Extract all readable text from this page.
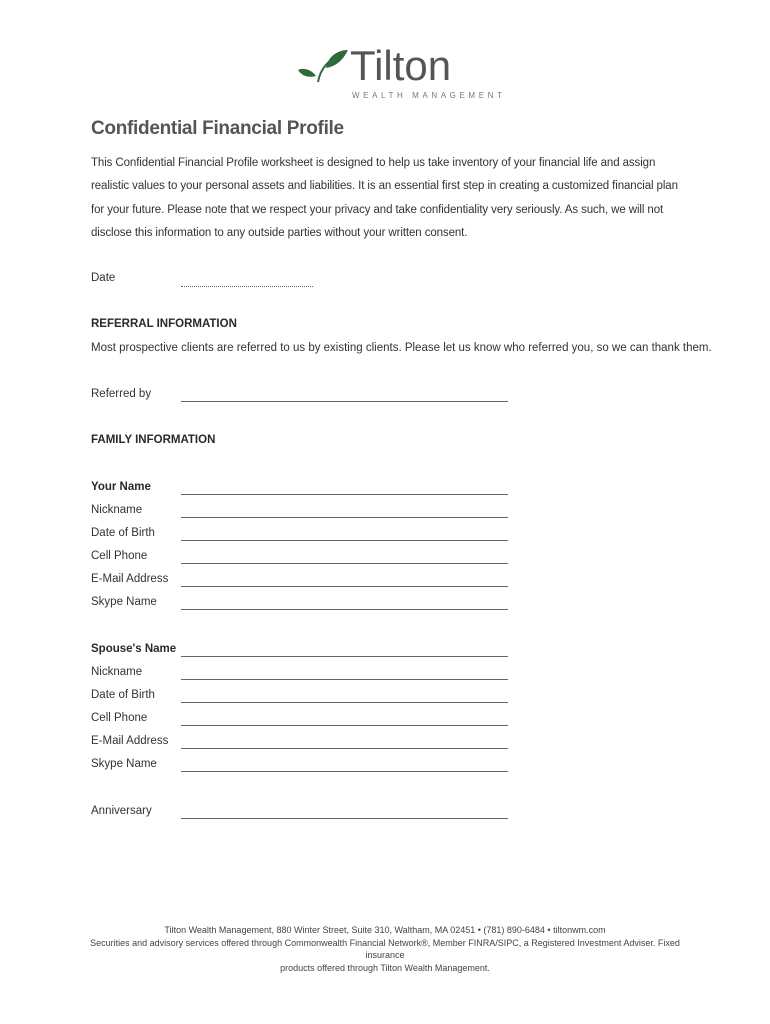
Tilton
WEALTH MANAGEMENT
Confidential Financial Profile
This Confidential Financial Profile worksheet is designed to help us take inventory of your financial life and assign realistic values to your personal assets and liabilities. It is an essential first step in creating a customized financial plan for your future. Please note that we respect your privacy and take confidentiality very seriously. As such, we will not disclose this information to any outside parties without your written consent.
Date
REFERRAL INFORMATION
Most prospective clients are referred to us by existing clients. Please let us know who referred you, so we can thank them.
Referred by
FAMILY INFORMATION
Your Name
Nickname
Date of Birth
Cell Phone
E-Mail Address
Skype Name
Spouse's Name
Nickname
Date of Birth
Cell Phone
E-Mail Address
Skype Name
Anniversary
Tilton Wealth Management, 880 Winter Street, Suite 310, Waltham, MA 02451 • (781) 890-6484 • tiltonwm.com
Securities and advisory services offered through Commonwealth Financial Network®, Member FINRA/SIPC, a Registered Investment Adviser. Fixed insurance
products offered through Tilton Wealth Management.
